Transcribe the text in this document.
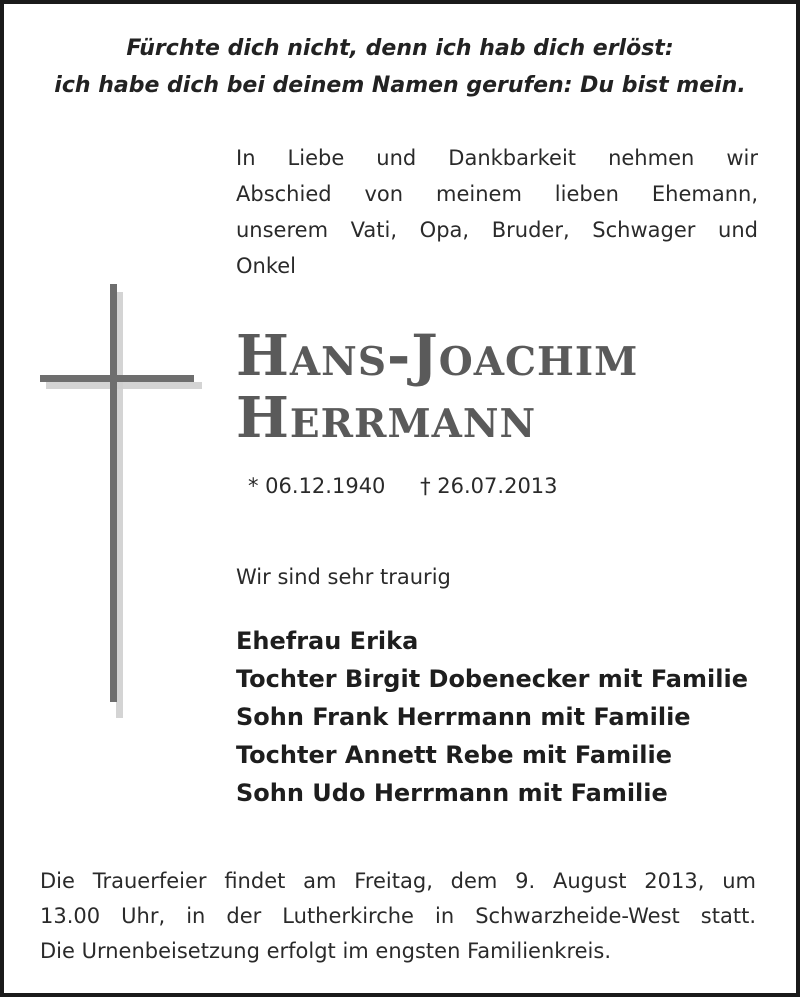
Fürchte dich nicht, denn ich hab dich erlöst:
ich habe dich bei deinem Namen gerufen: Du bist mein.
In Liebe und Dankbarkeit nehmen wir
Abschied von meinem lieben Ehemann,
unserem Vati, Opa, Bruder, Schwager und
Onkel
Hans-Joachim
Herrmann
* 06.12.1940 † 26.07.2013
Wir sind sehr traurig
Ehefrau Erika
Tochter Birgit Dobenecker mit Familie
Sohn Frank Herrmann mit Familie
Tochter Annett Rebe mit Familie
Sohn Udo Herrmann mit Familie
Die Trauerfeier findet am Freitag, dem 9. August 2013, um
13.00 Uhr, in der Lutherkirche in Schwarzheide-West statt.
Die Urnenbeisetzung erfolgt im engsten Familienkreis.
